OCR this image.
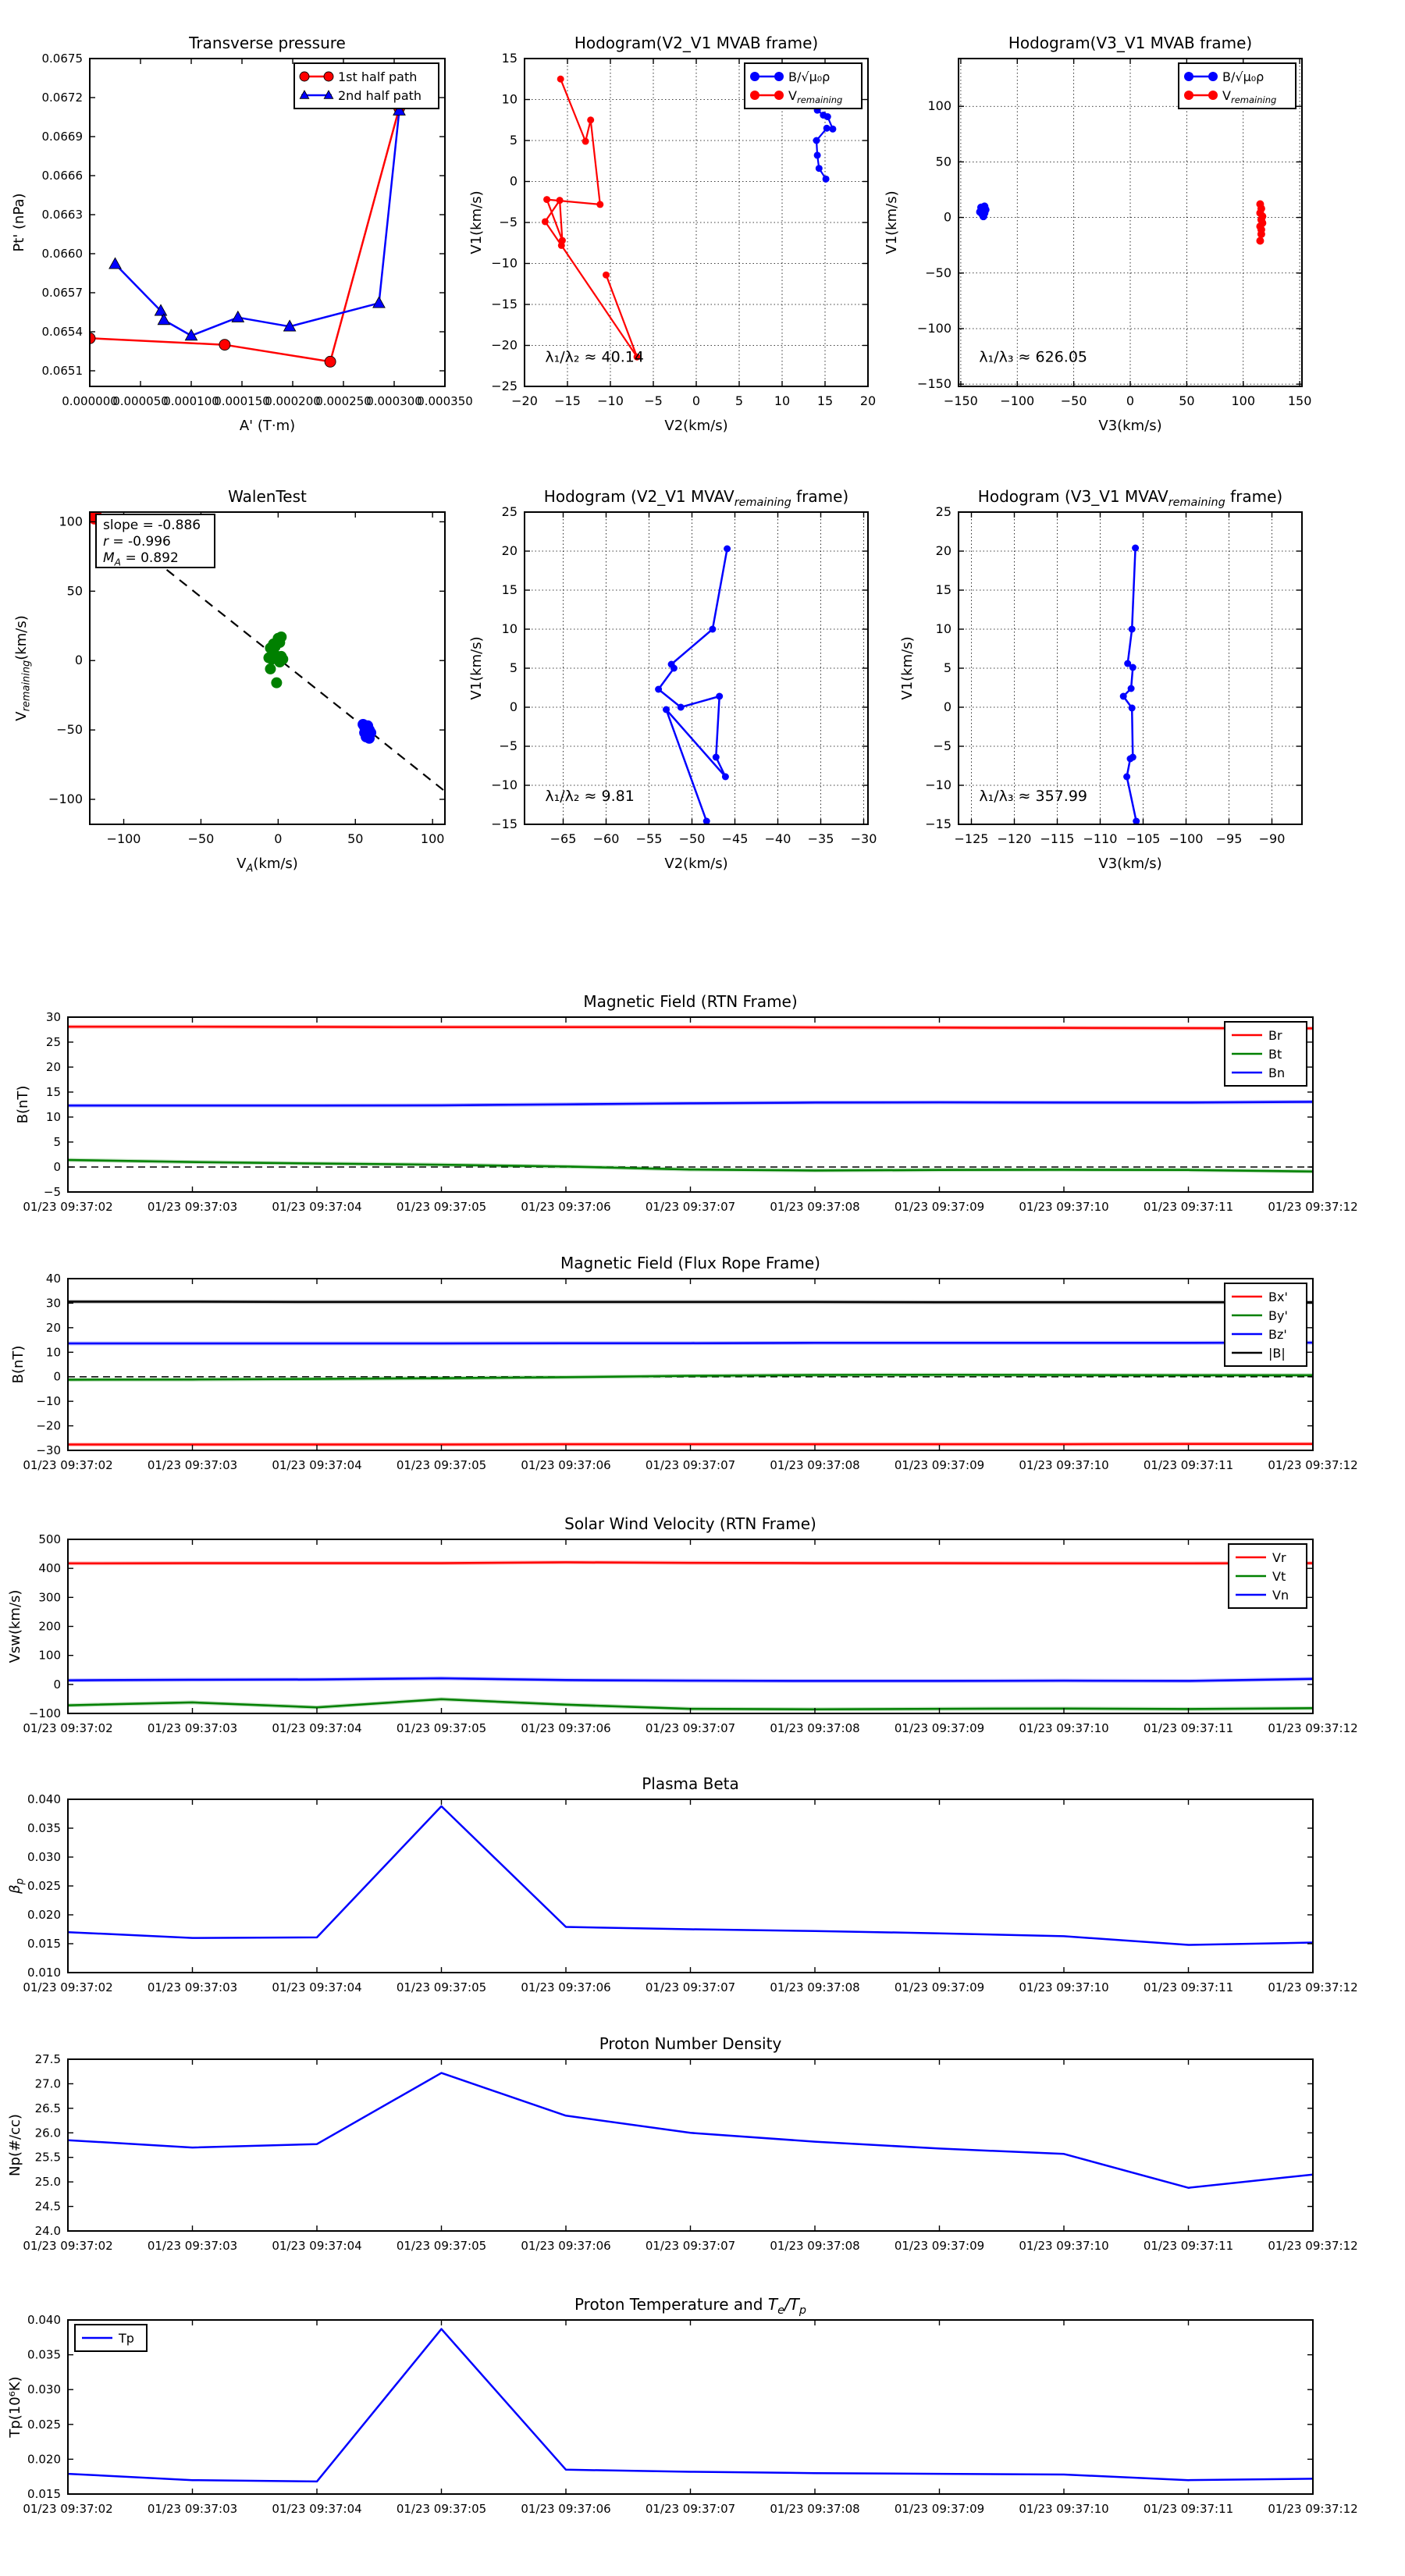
0.000000
0.000050
0.000100
0.000150
0.000200
0.000250
0.000300
0.000350
0.0651
0.0654
0.0657
0.0660
0.0663
0.0666
0.0669
0.0672
0.0675
Transverse pressure
A' (T·m)
Pt' (nPa)
1st half path
2nd half path
−20 −15 −10 −5 0	5 10 15 20
−25
−20
−15
−10
−5
0
5
10
15
Hodogram(V2_V1 MVAB frame)
V2(km/s)
V1(km/s)
λ₁/λ₂ ≈ 40.14
B/√μ₀ρ
$V_{remaining}$
−150 −100 −50	0	50	100	150
−150
−100
−50
0
50
100
Hodogram(V3_V1 MVAB frame)
V3(km/s)
V1(km/s)
λ₁/λ₃ ≈ 626.05
B/√μ₀ρ
$V_{remaining}$
−100	−50	0	50	100
−100
−50
0
50
100
WalenTest
$V_A(km/s)$
$V_{remaining}(km/s)$
slope = -0.886
r = -0.996
$M_A = 0.892$
−65 −60 −55 −50 −45 −40 −35 −30
−15
−10
−5
0
5
10
15
20
25
Hodogram (V2_V1 $MVAV_{remaining}$ frame)
V2(km/s)
V1(km/s)
λ₁/λ₂ ≈ 9.81
−125 −120 −115 −110 −105 −100 −95 −90
−15
−10
−5
0
5
10
15
20
25
Hodogram (V3_V1 $MVAV_{remaining}$ frame)
V3(km/s)
V1(km/s)
λ₁/λ₃ ≈ 357.99
01/23 09:37:02	01/23 09:37:03	01/23 09:37:04	01/23 09:37:05	01/23 09:37:06	01/23 09:37:07	01/23 09:37:08	01/23 09:37:09	01/23 09:37:10	01/23 09:37:11	01/23 09:37:12
−5
0
5
10
15
20
25
30
Magnetic Field (RTN Frame)
B(nT)
Br
Bt
Bn
01/23 09:37:02	01/23 09:37:03	01/23 09:37:04	01/23 09:37:05	01/23 09:37:06	01/23 09:37:07	01/23 09:37:08	01/23 09:37:09	01/23 09:37:10	01/23 09:37:11	01/23 09:37:12
−30
−20
−10
0
10
20
30
40
Magnetic Field (Flux Rope Frame)
B(nT)
Bx'
By'
Bz'
|B|
01/23 09:37:02	01/23 09:37:03	01/23 09:37:04	01/23 09:37:05	01/23 09:37:06	01/23 09:37:07	01/23 09:37:08	01/23 09:37:09	01/23 09:37:10	01/23 09:37:11	01/23 09:37:12
−100
0
100
200
300
400
500
Solar Wind Velocity (RTN Frame)
Vsw(km/s)
Vr
Vt
Vn
01/23 09:37:02	01/23 09:37:03	01/23 09:37:04	01/23 09:37:05	01/23 09:37:06	01/23 09:37:07	01/23 09:37:08	01/23 09:37:09	01/23 09:37:10	01/23 09:37:11	01/23 09:37:12
0.010
0.015
0.020
0.025
0.030
0.035
0.040
Plasma Beta
$\beta_p$
01/23 09:37:02	01/23 09:37:03	01/23 09:37:04	01/23 09:37:05	01/23 09:37:06	01/23 09:37:07	01/23 09:37:08	01/23 09:37:09	01/23 09:37:10	01/23 09:37:11	01/23 09:37:12
24.0
24.5
25.0
25.5
26.0
26.5
27.0
27.5
Proton Number Density
Np(#/cc)
01/23 09:37:02	01/23 09:37:03	01/23 09:37:04	01/23 09:37:05	01/23 09:37:06	01/23 09:37:07	01/23 09:37:08	01/23 09:37:09	01/23 09:37:10	01/23 09:37:11	01/23 09:37:12
0.015
0.020
0.025
0.030
0.035
0.040
Proton Temperature and $T_e/T_p$
Tp(10⁶K)
Tp
